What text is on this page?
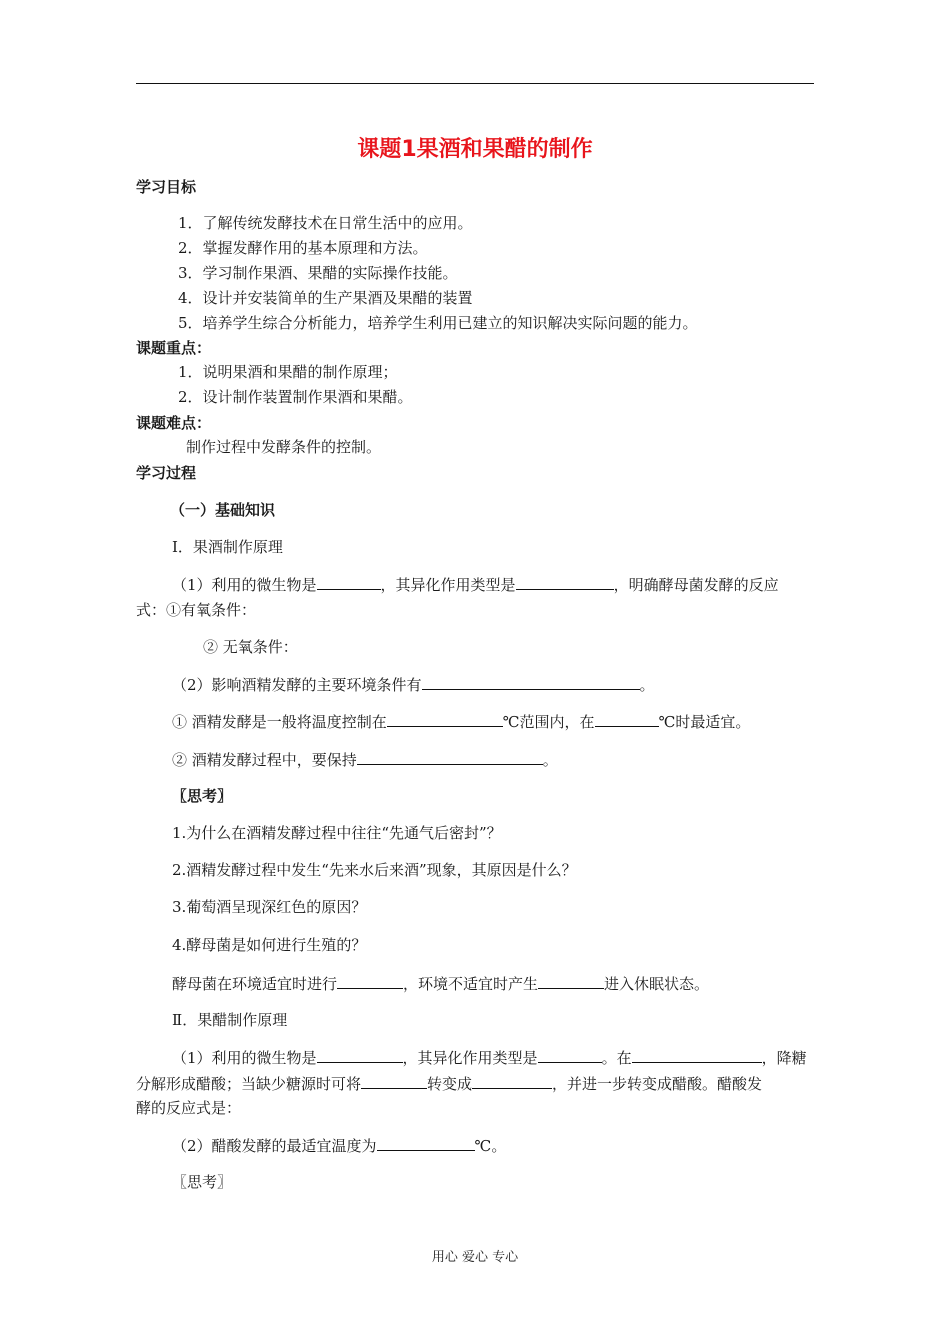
课题1果酒和果醋的制作
学习目标
1．了解传统发酵技术在日常生活中的应用。
2．掌握发酵作用的基本原理和方法。
3．学习制作果酒、果醋的实际操作技能。
4．设计并安装简单的生产果酒及果醋的装置
5．培养学生综合分析能力，培养学生利用已建立的知识解决实际问题的能力。
课题重点：
1．说明果酒和果醋的制作原理；
2．设计制作装置制作果酒和果醋。
课题难点：
制作过程中发酵条件的控制。
学习过程
（一）基础知识
Ⅰ．果酒制作原理
（1）利用的微生物是	，其异化作用类型是	，明确酵母菌发酵的反应
式：①有氧条件：
② 无氧条件：
（2）影响酒精发酵的主要环境条件有	。
① 酒精发酵是一般将温度控制在	℃范围内，在	℃时最适宜。
② 酒精发酵过程中，要保持	。
〖思考〗
1.为什么在酒精发酵过程中往往“先通气后密封”？
2.酒精发酵过程中发生“先来水后来酒”现象，其原因是什么？
3.葡萄酒呈现深红色的原因？
4.酵母菌是如何进行生殖的？
酵母菌在环境适宜时进行	，环境不适宜时产生	进入休眠状态。
Ⅱ．果醋制作原理
（1）利用的微生物是	，其异化作用类型是	。在	，降糖
分解形成醋酸；当缺少糖源时可将	转变成	，并进一步转变成醋酸。醋酸发
酵的反应式是：
（2）醋酸发酵的最适宜温度为	℃。
〖思考〗
用心 爱心 专心
